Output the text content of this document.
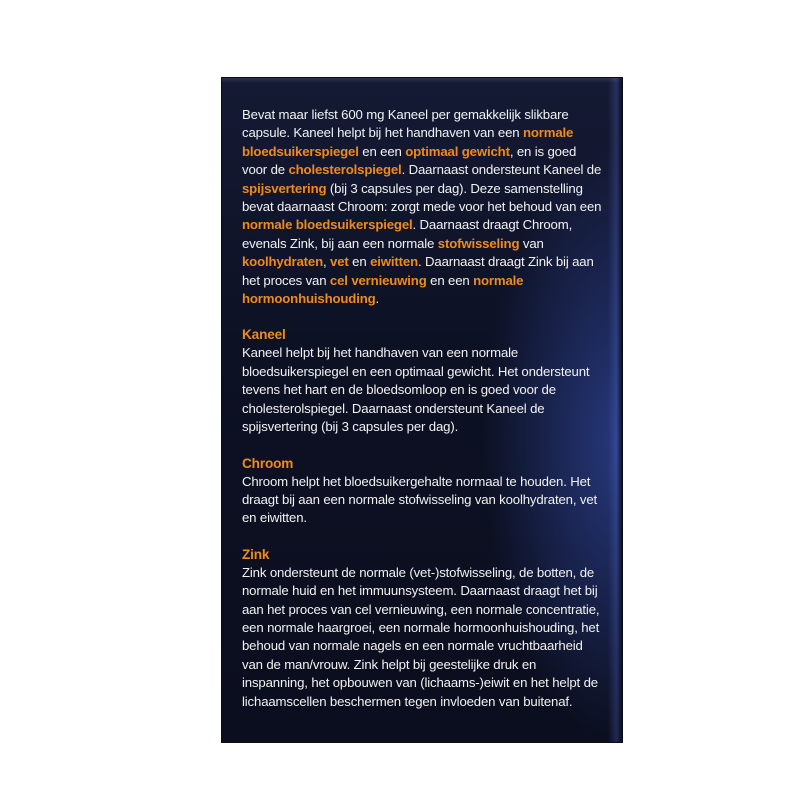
Bevat maar liefst 600 mg Kaneel per gemakkelijk slikbare capsule. Kaneel helpt bij het handhaven van een normale bloedsuikerspiegel en een optimaal gewicht, en is goed voor de cholesterolspiegel. Daarnaast ondersteunt Kaneel de spijsvertering (bij 3 capsules per dag). Deze samenstelling bevat daarnaast Chroom: zorgt mede voor het behoud van een normale bloedsuikerspiegel. Daarnaast draagt Chroom, evenals Zink, bij aan een normale stofwisseling van koolhydraten, vet en eiwitten. Daarnaast draagt Zink bij aan het proces van cel vernieuwing en een normale hormoonhuishouding.

Kaneel

Kaneel helpt bij het handhaven van een normale bloedsuikerspiegel en een optimaal gewicht. Het ondersteunt tevens het hart en de bloedsomloop en is goed voor de cholesterolspiegel. Daarnaast ondersteunt Kaneel de spijsvertering (bij 3 capsules per dag).

Chroom

Chroom helpt het bloedsuikergehalte normaal te houden. Het draagt bij aan een normale stofwisseling van koolhydraten, vet en eiwitten.

Zink

Zink ondersteunt de normale (vet-)stofwisseling, de botten, de normale huid en het immuunsysteem. Daarnaast draagt het bij aan het proces van cel vernieuwing, een normale concentratie, een normale haargroei, een normale hormoonhuishouding, het behoud van normale nagels en een normale vruchtbaarheid van de man/vrouw. Zink helpt bij geestelijke druk en inspanning, het opbouwen van (lichaams-)eiwit en het helpt de lichaamscellen beschermen tegen invloeden van buitenaf.
